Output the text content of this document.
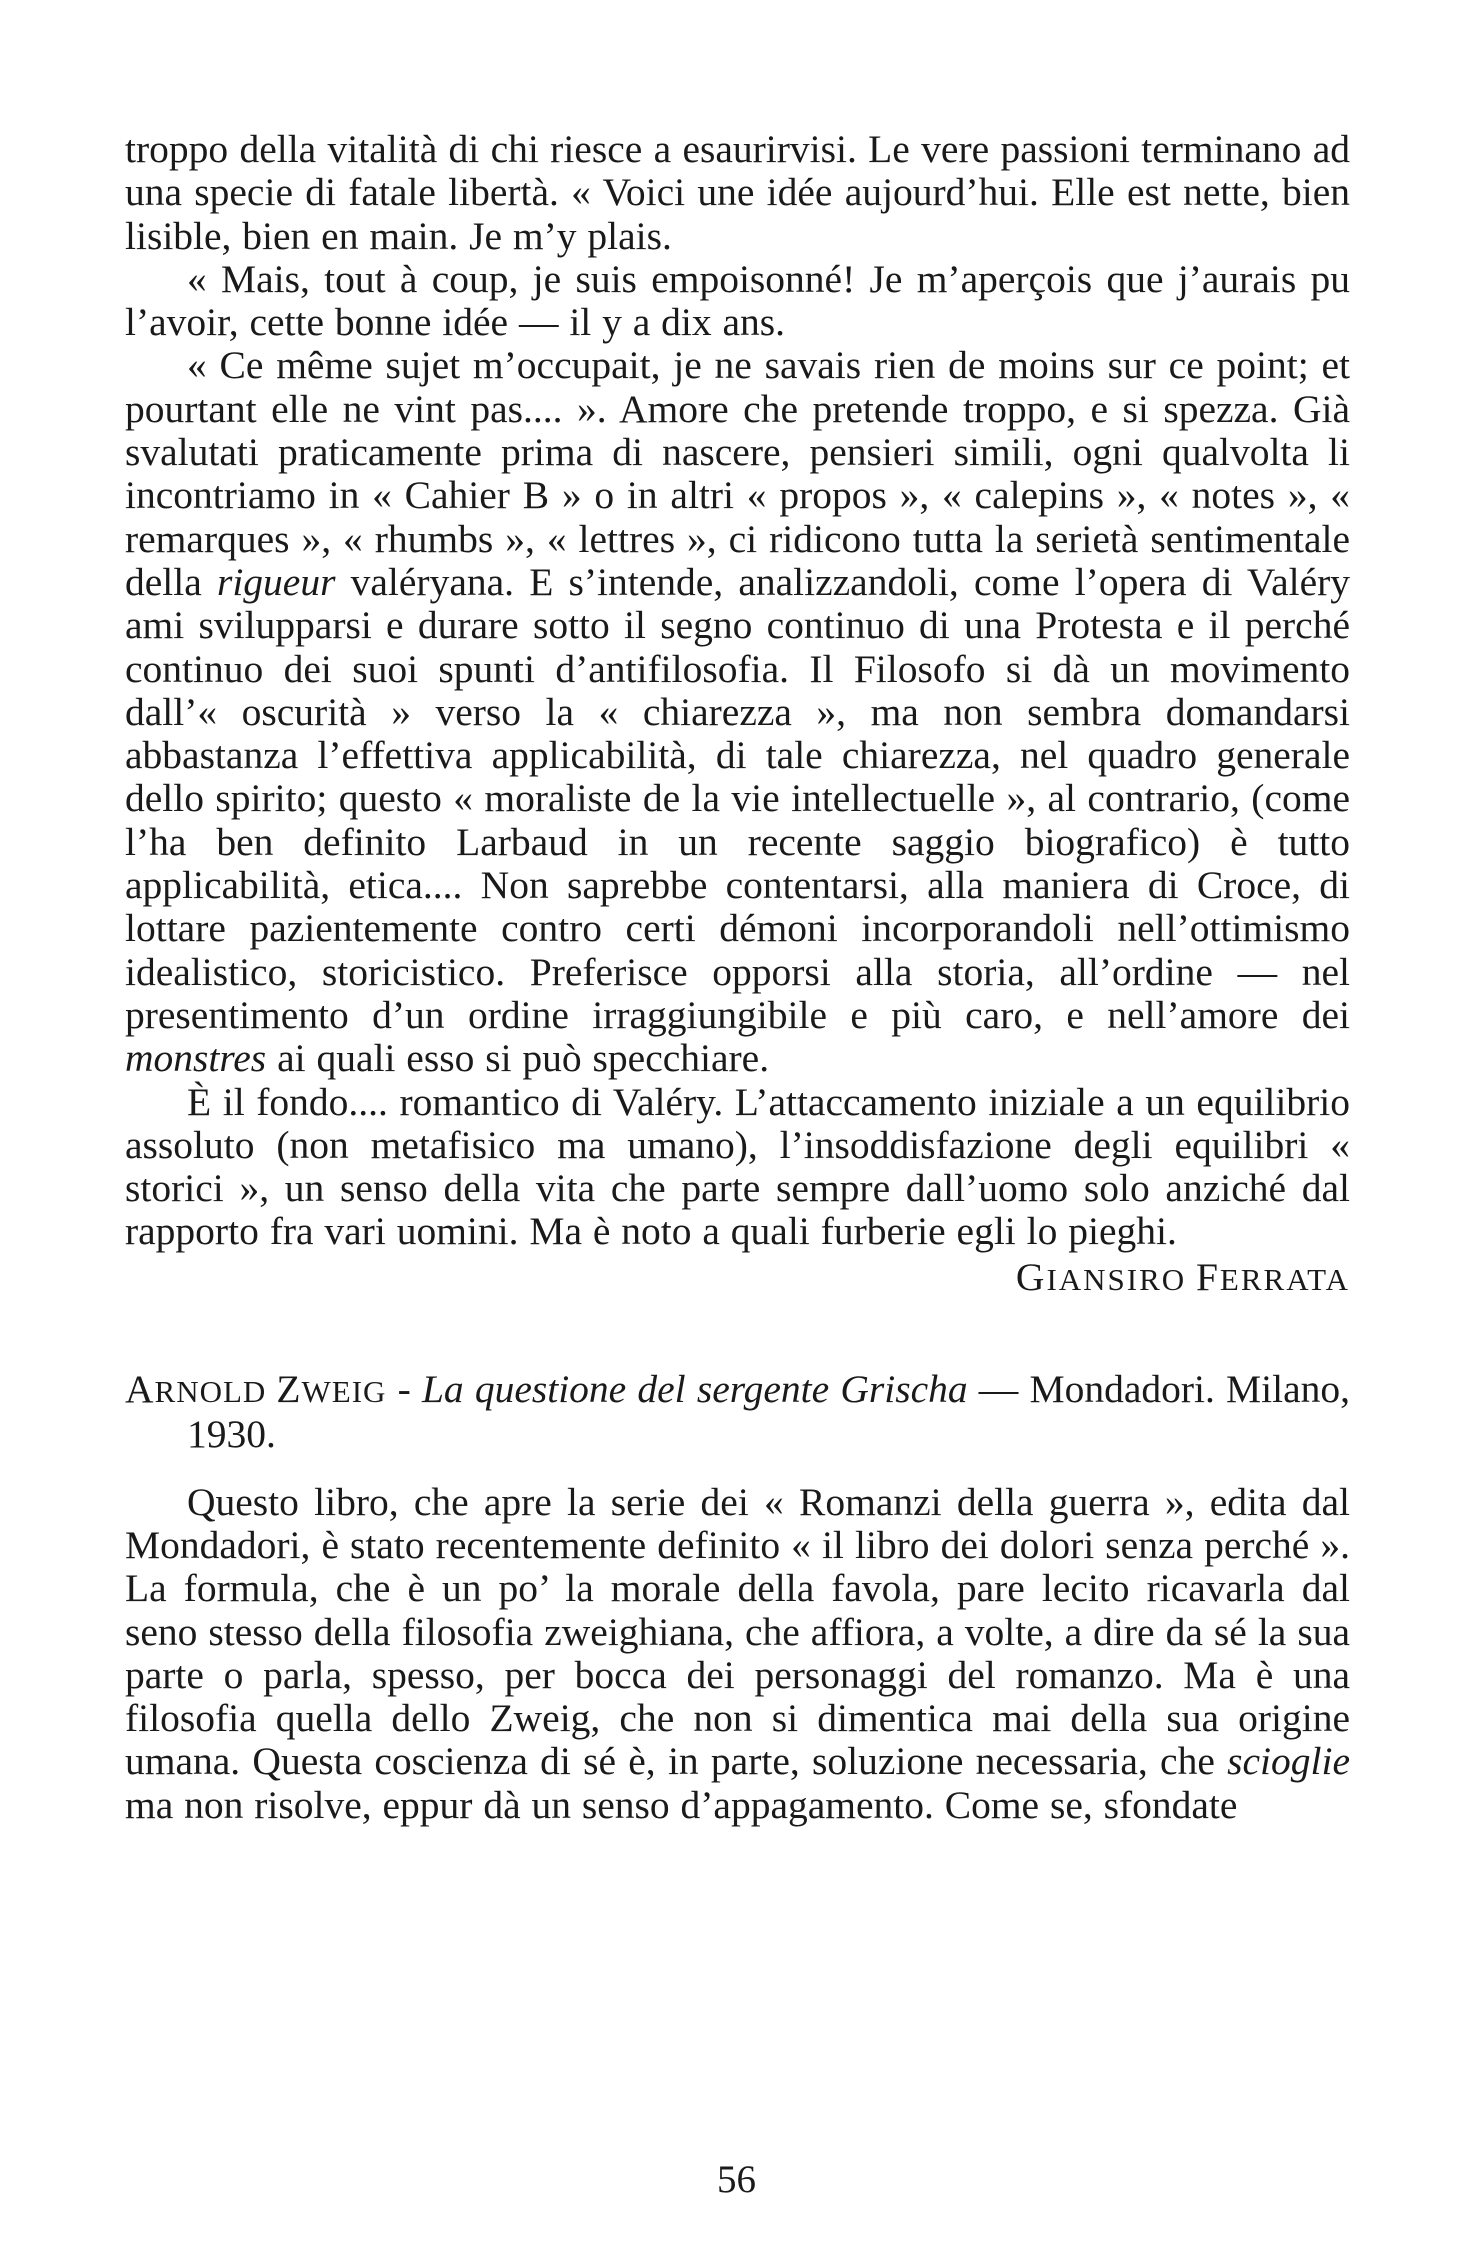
troppo della vitalità di chi riesce a esaurirvisi. Le vere passioni terminano ad una specie di fatale libertà. « Voici une idée aujourd’hui. Elle est nette, bien lisible, bien en main. Je m’y plais.

« Mais, tout à coup, je suis empoisonné! Je m’aperçois que j’aurais pu l’avoir, cette bonne idée — il y a dix ans.

« Ce même sujet m’occupait, je ne savais rien de moins sur ce point; et pourtant elle ne vint pas.... ». Amore che pretende troppo, e si spezza. Già svalutati praticamente prima di nascere, pensieri simili, ogni qualvolta li incontriamo in « Cahier B » o in altri « propos », « calepins », « notes », « remarques », « rhumbs », « lettres », ci ridicono tutta la serietà sentimentale della rigueur valéryana. E s’intende, analizzandoli, come l’opera di Valéry ami svilupparsi e durare sotto il segno continuo di una Protesta e il perché continuo dei suoi spunti d’antifilosofia. Il Filosofo si dà un movimento dall’« oscurità » verso la « chiarezza », ma non sembra domandarsi abbastanza l’effettiva applicabilità, di tale chiarezza, nel quadro generale dello spirito; questo « moraliste de la vie intellectuelle », al contrario, (come l’ha ben definito Larbaud in un recente saggio biografico) è tutto applicabilità, etica.... Non saprebbe contentarsi, alla maniera di Croce, di lottare pazientemente contro certi démoni incorporandoli nell’ottimismo idealistico, storicistico. Preferisce opporsi alla storia, all’ordine — nel presentimento d’un ordine irraggiungibile e più caro, e nell’amore dei monstres ai quali esso si può specchiare.

È il fondo.... romantico di Valéry. L’attaccamento iniziale a un equilibrio assoluto (non metafisico ma umano), l’insoddisfazione degli equilibri « storici », un senso della vita che parte sempre dall’uomo solo anziché dal rapporto fra vari uomini. Ma è noto a quali furberie egli lo pieghi.

GIANSIRO FERRATA

ARNOLD ZWEIG - La questione del sergente Grischa — Mondadori. Milano, 1930.

Questo libro, che apre la serie dei « Romanzi della guerra », edita dal Mondadori, è stato recentemente definito « il libro dei dolori senza perché ». La formula, che è un po’ la morale della favola, pare lecito ricavarla dal seno stesso della filosofia zweighiana, che affiora, a volte, a dire da sé la sua parte o parla, spesso, per bocca dei personaggi del romanzo. Ma è una filosofia quella dello Zweig, che non si dimentica mai della sua origine umana. Questa coscienza di sé è, in parte, soluzione necessaria, che scioglie ma non risolve, eppur dà un senso d’appagamento. Come se, sfondate

56
